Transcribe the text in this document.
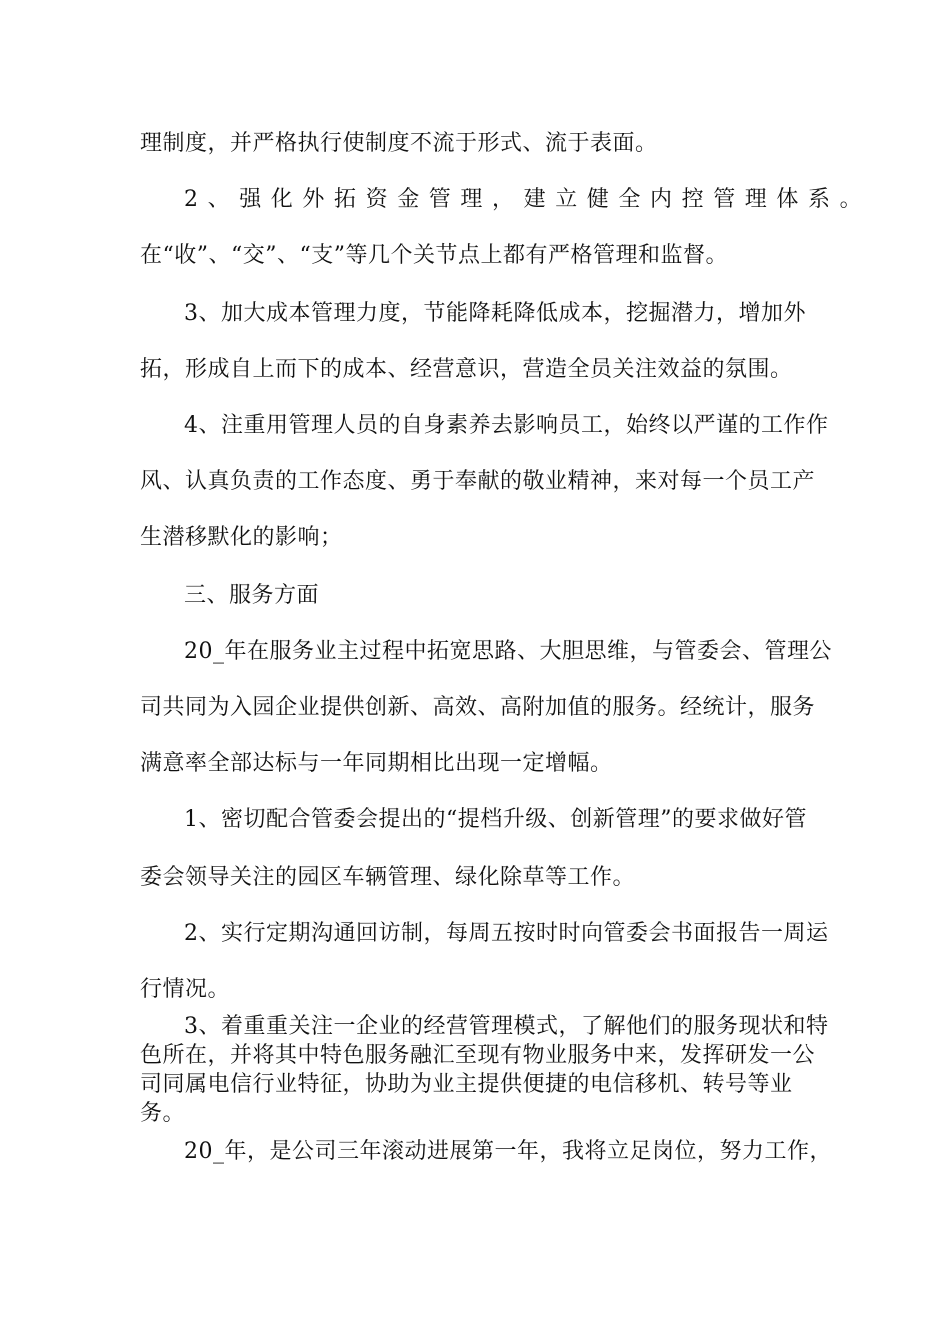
理制度，并严格执行使制度不流于形式、流于表面。
2、强化外拓资金管理，建立健全内控管理体系。
在“收”、“交”、“支”等几个关节点上都有严格管理和监督。
3、加大成本管理力度，节能降耗降低成本，挖掘潜力，增加外
拓，形成自上而下的成本、经营意识，营造全员关注效益的氛围。
4、注重用管理人员的自身素养去影响员工，始终以严谨的工作作
风、认真负责的工作态度、勇于奉献的敬业精神，来对每一个员工产
生潜移默化的影响；
三、服务方面
20_年在服务业主过程中拓宽思路、大胆思维，与管委会、管理公
司共同为入园企业提供创新、高效、高附加值的服务。经统计，服务
满意率全部达标与一年同期相比出现一定增幅。
1、密切配合管委会提出的“提档升级、创新管理”的要求做好管
委会领导关注的园区车辆管理、绿化除草等工作。
2、实行定期沟通回访制，每周五按时时向管委会书面报告一周运
行情况。
3、着重重关注一企业的经营管理模式，了解他们的服务现状和特
色所在，并将其中特色服务融汇至现有物业服务中来，发挥研发一公
司同属电信行业特征，协助为业主提供便捷的电信移机、转号等业
务。
20_年，是公司三年滚动进展第一年，我将立足岗位，努力工作，
